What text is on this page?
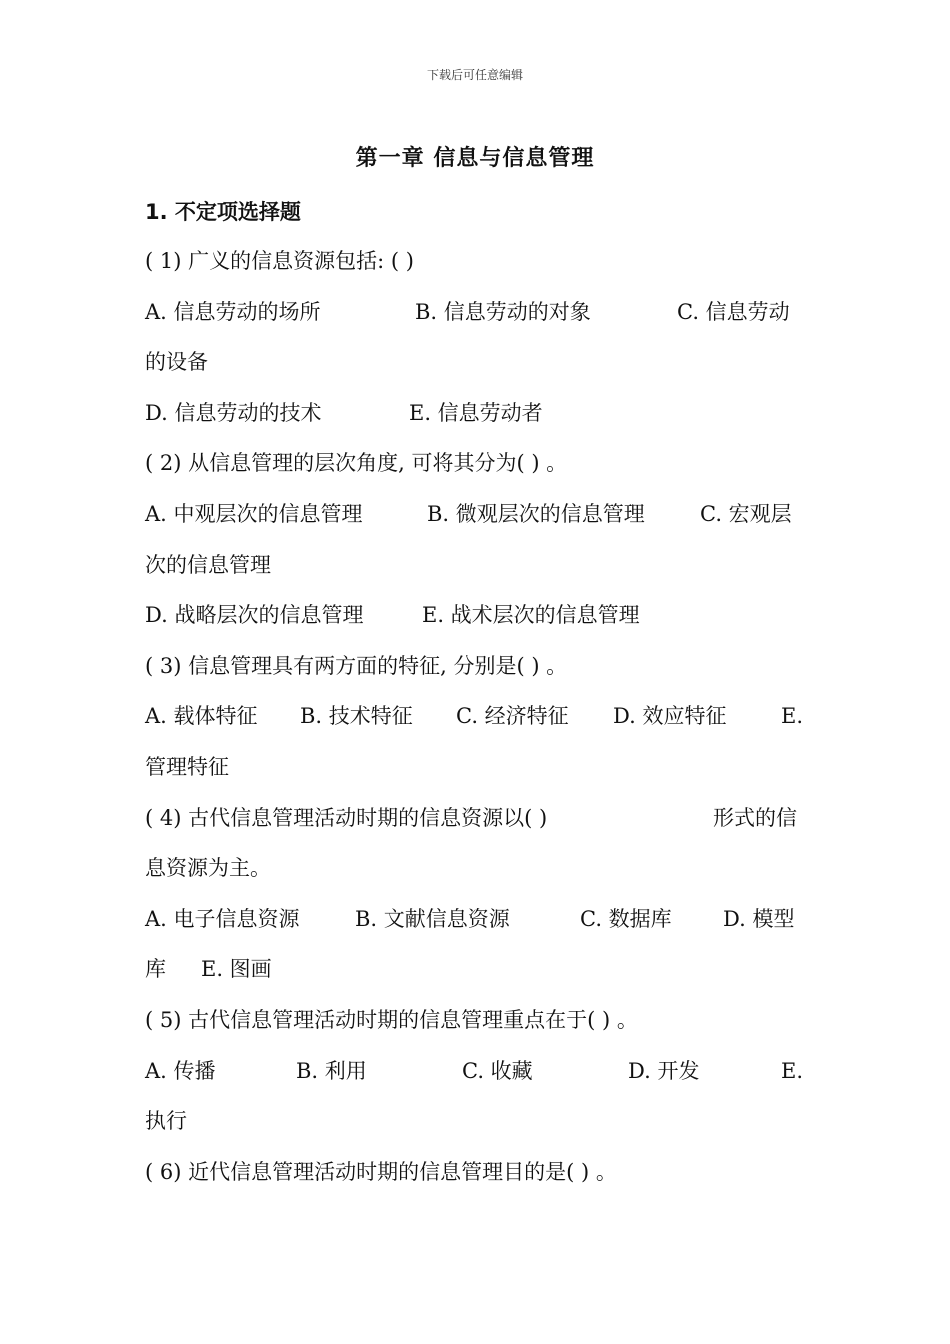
下载后可任意编辑
第一章 信息与信息管理
1. 不定项选择题
( 1) 广义的信息资源包括: ( )
A. 信息劳动的场所	B. 信息劳动的对象	C. 信息劳动
的设备
D. 信息劳动的技术	E. 信息劳动者
( 2) 从信息管理的层次角度, 可将其分为( ) 。
A. 中观层次的信息管理	B. 微观层次的信息管理	C. 宏观层
次的信息管理
D. 战略层次的信息管理	E. 战术层次的信息管理
( 3) 信息管理具有两方面的特征, 分别是( ) 。
A. 载体特征 B. 技术特征 C. 经济特征 D. 效应特征	E.
管理特征
( 4) 古代信息管理活动时期的信息资源以( )	形式的信
息资源为主。
A. 电子信息资源	B. 文献信息资源	C. 数据库 D. 模型
库 E. 图画
( 5) 古代信息管理活动时期的信息管理重点在于( ) 。
A. 传播	B. 利用	C. 收藏	D. 开发	E.
执行
( 6) 近代信息管理活动时期的信息管理目的是( ) 。
